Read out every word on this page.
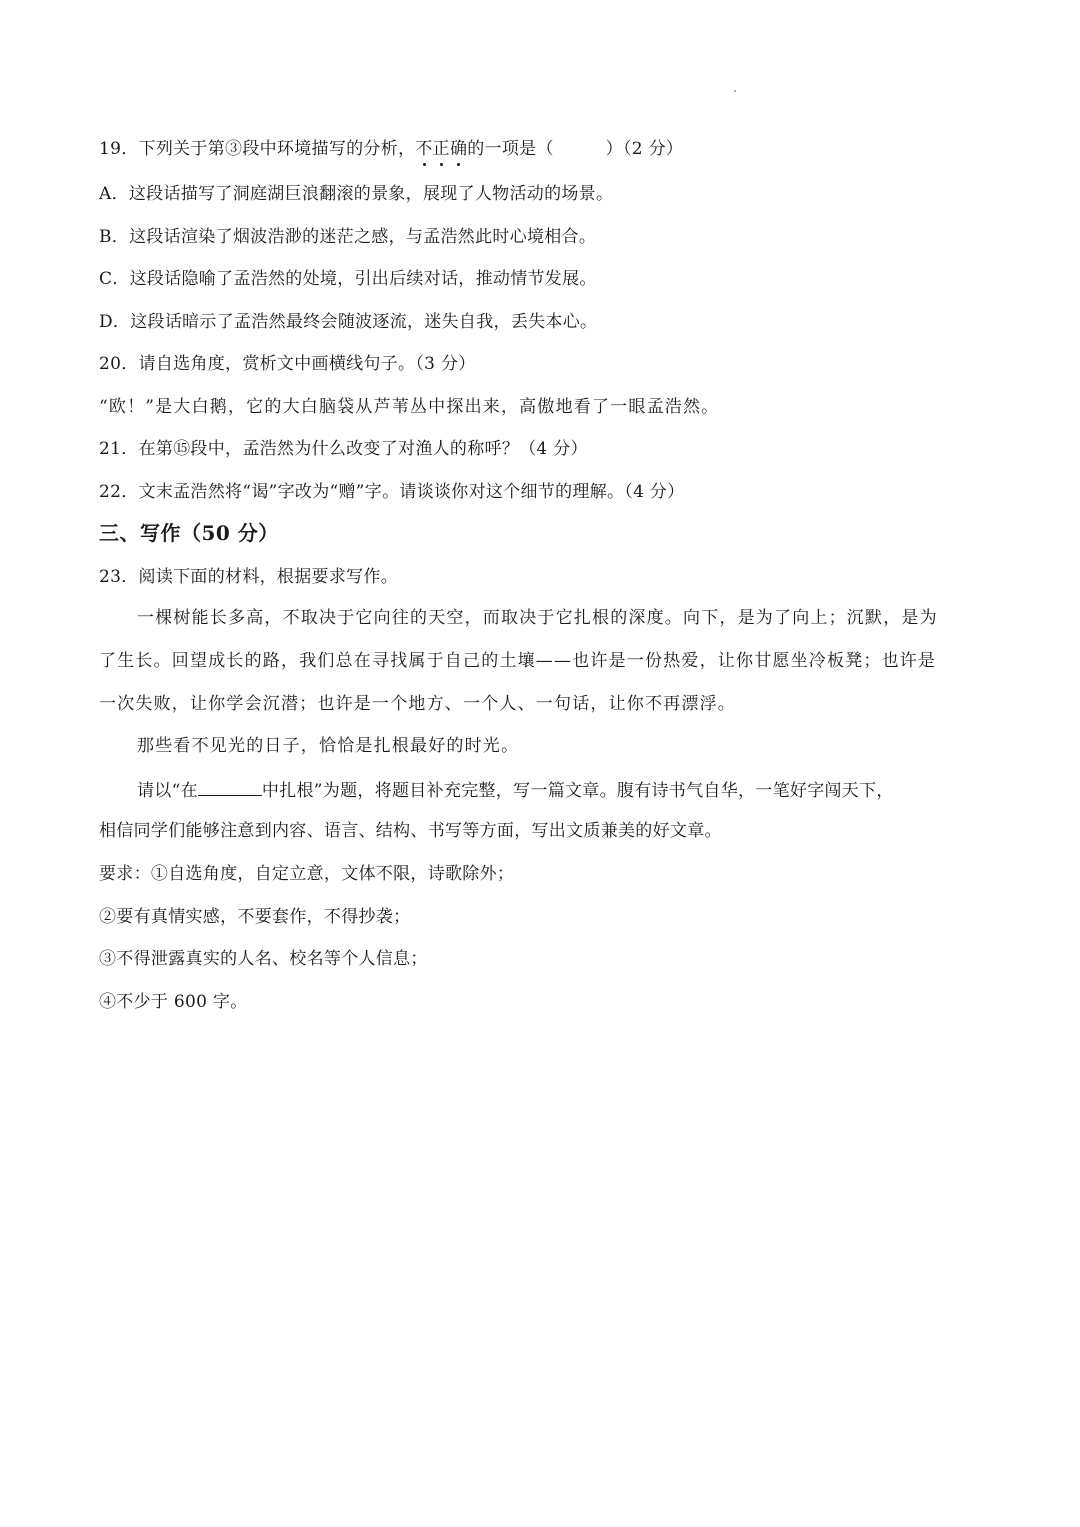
19．下列关于第③段中环境描写的分析，不正确的一项是（　　　）（2 分）
A．这段话描写了洞庭湖巨浪翻滚的景象，展现了人物活动的场景。
B．这段话渲染了烟波浩渺的迷茫之感，与孟浩然此时心境相合。
C．这段话隐喻了孟浩然的处境，引出后续对话，推动情节发展。
D．这段话暗示了孟浩然最终会随波逐流，迷失自我，丢失本心。
20．请自选角度，赏析文中画横线句子。（3 分）
“欧！”是大白鹅，它的大白脑袋从芦苇丛中探出来，高傲地看了一眼孟浩然。
21．在第⑮段中，孟浩然为什么改变了对渔人的称呼？（4 分）
22．文末孟浩然将“谒”字改为“赠”字。请谈谈你对这个细节的理解。（4 分）
三、写作（50 分）
23．阅读下面的材料，根据要求写作。
一棵树能长多高，不取决于它向往的天空，而取决于它扎根的深度。向下，是为了向上；沉默，是为
了生长。回望成长的路，我们总在寻找属于自己的土壤——也许是一份热爱，让你甘愿坐冷板凳；也许是
一次失败，让你学会沉潜；也许是一个地方、一个人、一句话，让你不再漂浮。
那些看不见光的日子，恰恰是扎根最好的时光。
请以“在	中扎根”为题，将题目补充完整，写一篇文章。腹有诗书气自华，一笔好字闯天下，
相信同学们能够注意到内容、语言、结构、书写等方面，写出文质兼美的好文章。
要求：①自选角度，自定立意，文体不限，诗歌除外；
②要有真情实感，不要套作，不得抄袭；
③不得泄露真实的人名、校名等个人信息；
④不少于 600 字。
